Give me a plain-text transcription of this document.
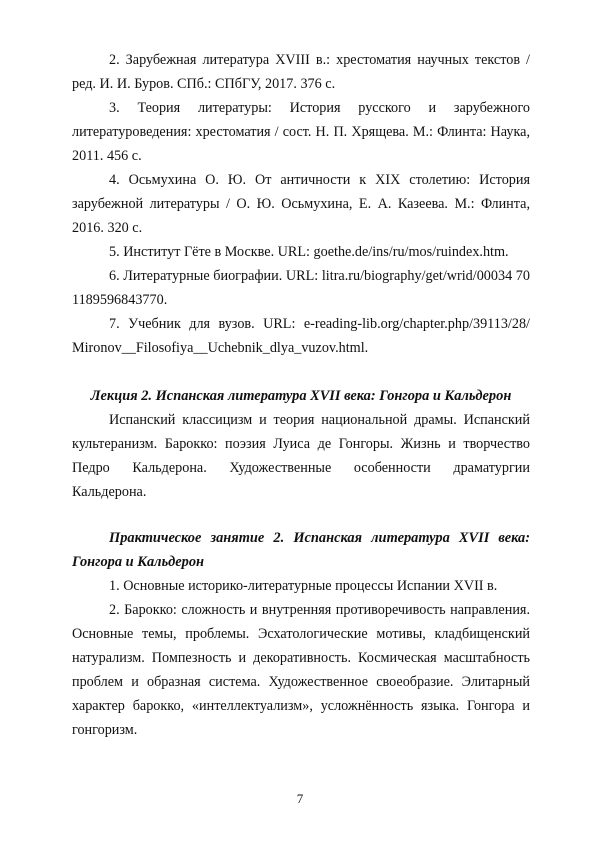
2. Зарубежная литература XVIII в.: хрестоматия научных текстов / ред. И. И. Буров. СПб.: СПбГУ, 2017. 376 с.

3. Теория литературы: История русского и зарубежного литературоведения: хрестоматия / сост. Н. П. Хрящева. М.: Флинта: Наука, 2011. 456 с.

4. Осьмухина О. Ю. От античности к XIX столетию: История зарубежной литературы / О. Ю. Осьмухина, Е. А. Казеева. М.: Флинта, 2016. 320 с.

5. Институт Гёте в Москве. URL: goethe.de/ins/ru/mos/ruindex.htm.

6. Литературные биографии. URL: litra.ru/biography/get/wrid/00034 701189596843770.

7. Учебник для вузов. URL: e-reading-lib.org/chapter.php/39113/28/ Mironov__Filosofiya__Uchebnik_dlya_vuzov.html.

Лекция 2. Испанская литература XVII века: Гонгора и Кальдерон

Испанский классицизм и теория национальной драмы. Испанский культеранизм. Барокко: поэзия Луиса де Гонгоры. Жизнь и творчество Педро Кальдерона. Художественные особенности драматургии Кальдерона.

Практическое занятие 2. Испанская литература XVII века: Гонгора и Кальдерон

1. Основные историко-литературные процессы Испании XVII в.

2. Барокко: сложность и внутренняя противоречивость направления. Основные темы, проблемы. Эсхатологические мотивы, кладбищенский натурализм. Помпезность и декоративность. Космическая масштабность проблем и образная система. Художественное своеобразие. Элитарный характер барокко, «интеллектуализм», усложнённость языка. Гонгора и гонгоризм.

7
